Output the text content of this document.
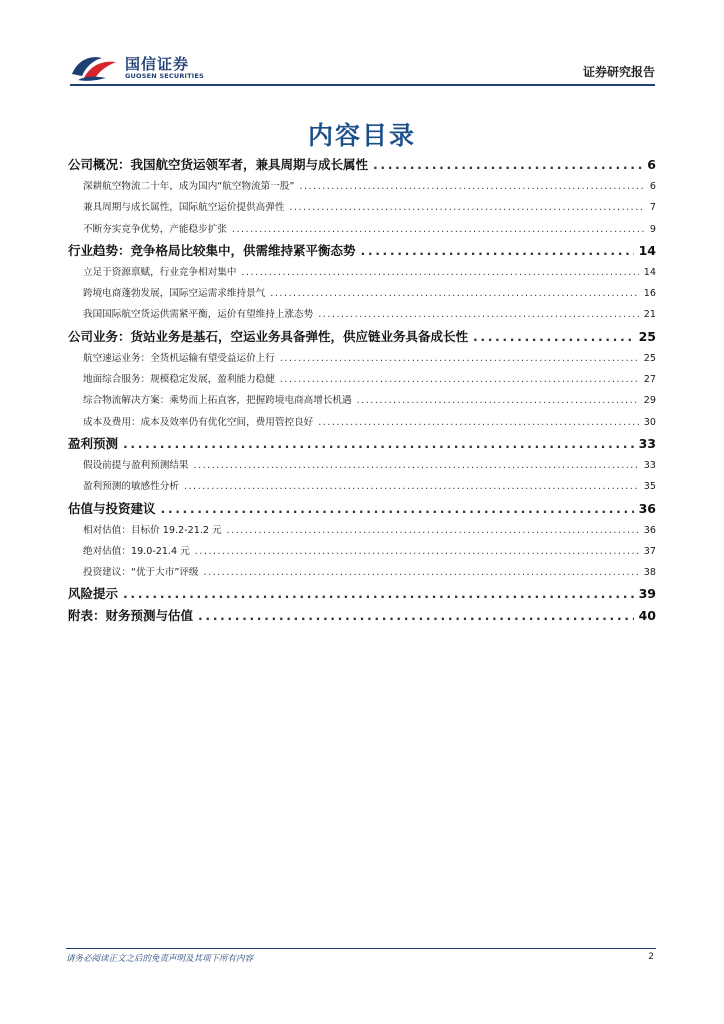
国信证券
GUOSEN SECURITIES	证券研究报告
内容目录
公司概况：我国航空货运领军者，兼具周期与成长属性 .....	6
深耕航空物流二十年，成为国内“航空物流第一股” .....	6
兼具周期与成长属性，国际航空运价提供高弹性 .....	7
不断夯实竞争优势，产能稳步扩张 .....	9
行业趋势：竞争格局比较集中，供需维持紧平衡态势 .....	14
立足于资源禀赋，行业竞争相对集中 .....	14
跨境电商蓬勃发展，国际空运需求维持景气 .....	16
我国国际航空货运供需紧平衡，运价有望维持上涨态势 .....	21
公司业务：货站业务是基石，空运业务具备弹性，供应链业务具备成长性 .....	25
航空速运业务：全货机运输有望受益运价上行 .....	25
地面综合服务：规模稳定发展，盈利能力稳健 .....	27
综合物流解决方案：乘势而上拓直客，把握跨境电商高增长机遇 .....	29
成本及费用：成本及效率仍有优化空间，费用管控良好 .....	30
盈利预测 .....	33
假设前提与盈利预测结果 .....	33
盈利预测的敏感性分析 .....	35
估值与投资建议 .....	36
相对估值：目标价 19.2-21.2 元 .....	36
绝对估值：19.0-21.4 元 .....	37
投资建议：“优于大市”评级 .....	38
风险提示 .....	39
附表：财务预测与估值 .....	40
请务必阅读正文之后的免责声明及其项下所有内容	2
